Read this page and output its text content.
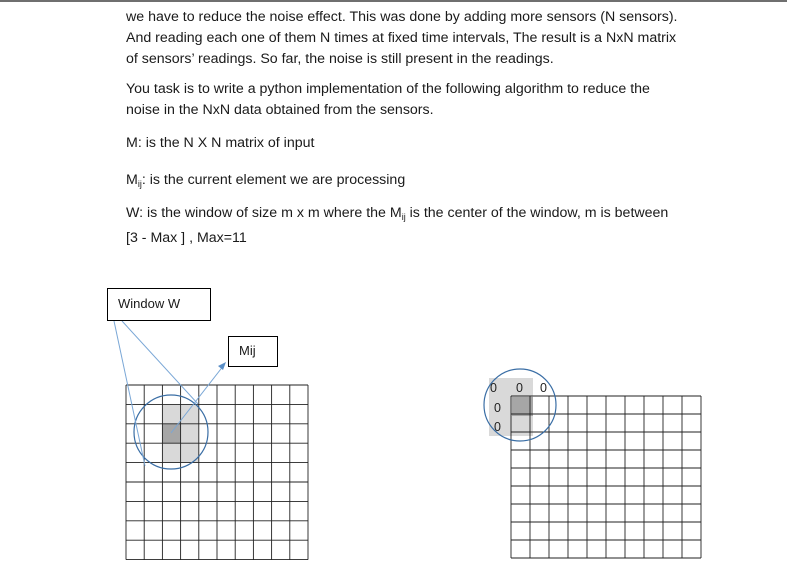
we have to reduce the noise effect. This was done by adding more sensors (N sensors).
And reading each one of them N times at fixed time intervals, The result is a NxN matrix
of sensors’ readings. So far, the noise is still present in the readings.

You task is to write a python implementation of the following algorithm to reduce the
noise in the NxN data obtained from the sensors.

M: is the N X N matrix of input

$M_{ij}$: is the current element we are processing

W: is the window of size m x m where the $M_{ij}$ is the center of the window, m is between
[3 - Max ] , Max=11

0 0 0
0
0
Window W
Mij
